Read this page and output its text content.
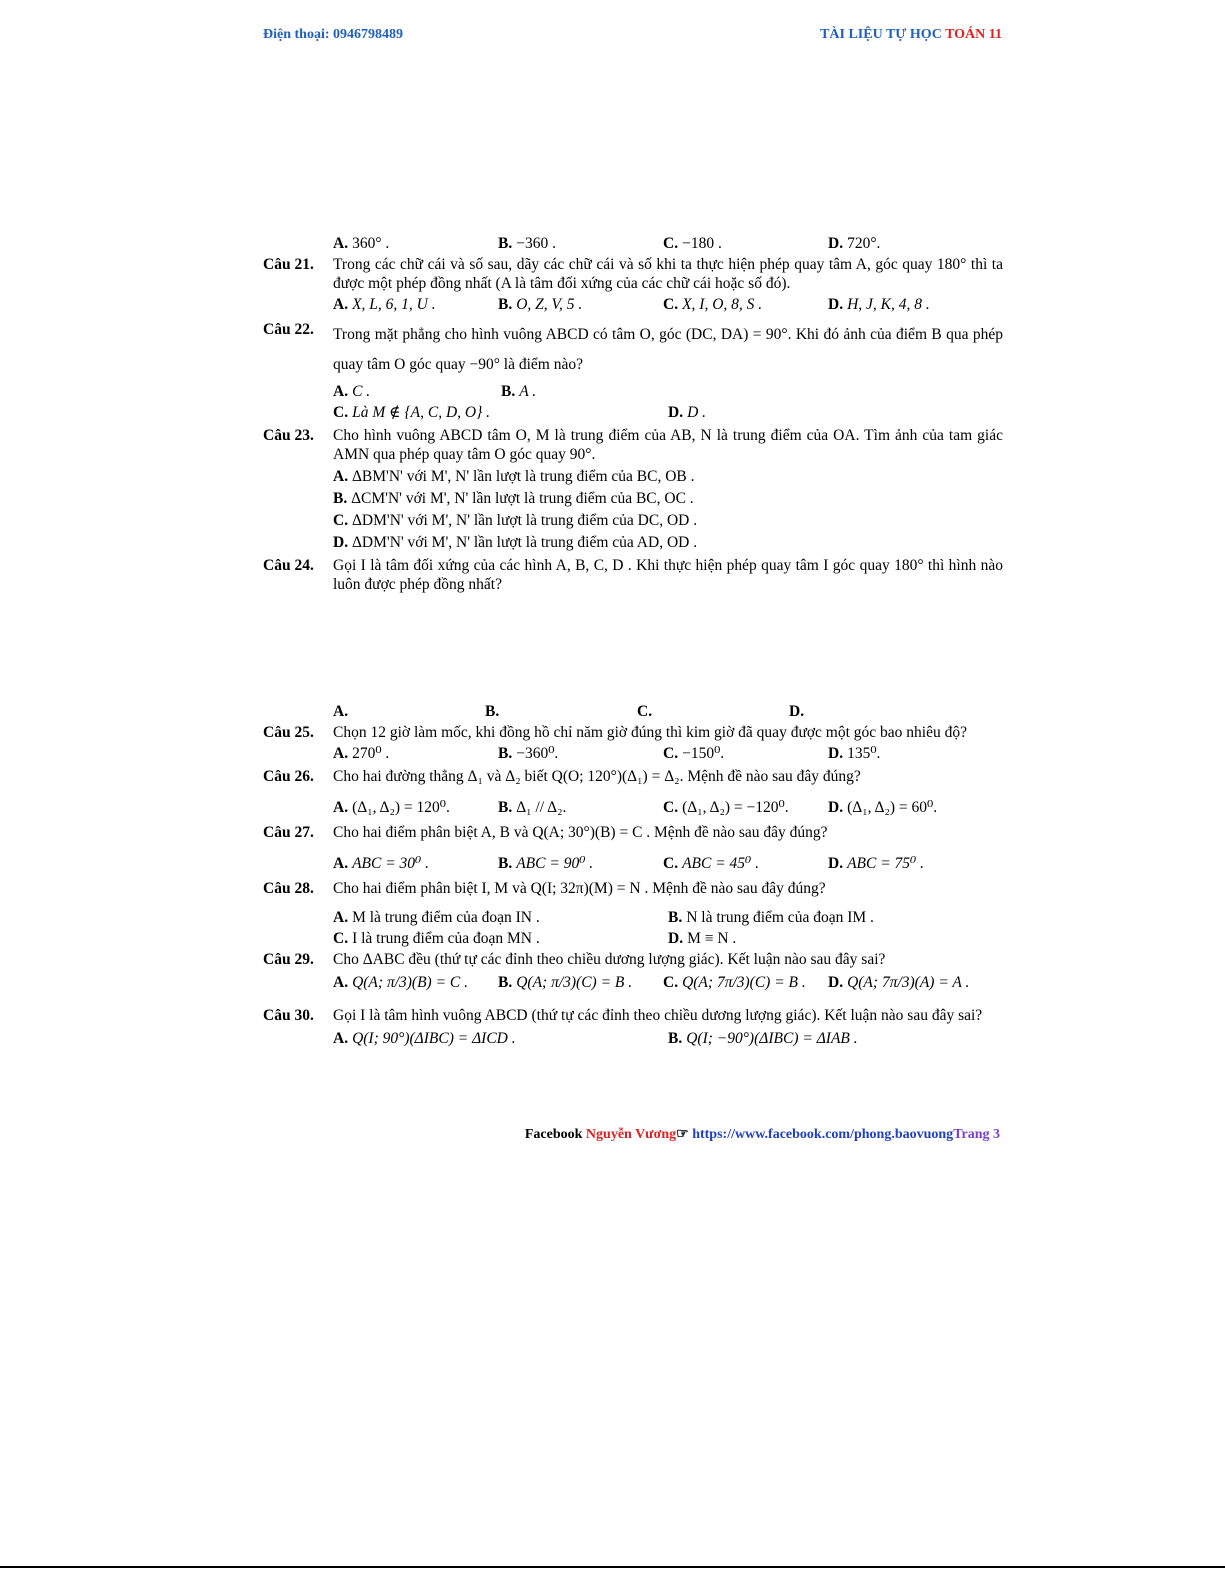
Điện thoại: 0946798489	TÀI LIỆU TỰ HỌC TOÁN 11
A. 360° .	B. −360 .	C. −180 .	D. 720°.
Câu 21. Trong các chữ cái và số sau, dãy các chữ cái và số khi ta thực hiện phép quay tâm A, góc quay 180° thì ta được một phép đồng nhất (A là tâm đối xứng của các chữ cái hoặc số đó).
A. X, L, 6, 1, U .	B. O, Z, V, 5 .	C. X, I, O, 8, S .	D. H, J, K, 4, 8 .
Câu 22. Trong mặt phẳng cho hình vuông ABCD có tâm O, góc (DC, DA) = 90°. Khi đó ảnh của điểm B qua phép quay tâm O góc quay −90° là điểm nào?
A. C .	B. A .
C. Là M ∉ {A, C, D, O} .	D. D .
Câu 23. Cho hình vuông ABCD tâm O, M là trung điểm của AB, N là trung điểm của OA. Tìm ảnh của tam giác AMN qua phép quay tâm O góc quay 90°.
A. ΔBM'N' với M', N' lần lượt là trung điểm của BC, OB .
B. ΔCM'N' với M', N' lần lượt là trung điểm của BC, OC .
C. ΔDM'N' với M', N' lần lượt là trung điểm của DC, OD .
D. ΔDM'N' với M', N' lần lượt là trung điểm của AD, OD .
Câu 24. Gọi I là tâm đối xứng của các hình A, B, C, D . Khi thực hiện phép quay tâm I góc quay 180° thì hình nào luôn được phép đồng nhất?
A.	B.	C.	D.
Câu 25. Chọn 12 giờ làm mốc, khi đồng hồ chỉ năm giờ đúng thì kim giờ đã quay được một góc bao nhiêu độ?
A. 270⁰ .	B. −360⁰.	C. −150⁰.	D. 135⁰.
Câu 26. Cho hai đường thẳng Δ₁ và Δ₂ biết Q(O; 120°)(Δ₁) = Δ₂. Mệnh đề nào sau đây đúng?
A. (Δ₁, Δ₂) = 120⁰.	B. Δ₁ // Δ₂.	C. (Δ₁, Δ₂) = −120⁰.	D. (Δ₁, Δ₂) = 60⁰.
Câu 27. Cho hai điểm phân biệt A, B và Q(A; 30°)(B) = C . Mệnh đề nào sau đây đúng?
A. ABC = 30⁰ .	B. ABC = 90⁰ .	C. ABC = 45⁰ .	D. ABC = 75⁰ .
Câu 28. Cho hai điểm phân biệt I, M và Q(I; 32π)(M) = N . Mệnh đề nào sau đây đúng?
A. M là trung điểm của đoạn IN .	B. N là trung điểm của đoạn IM .
C. I là trung điểm của đoạn MN .	D. M ≡ N .
Câu 29. Cho ΔABC đều (thứ tự các đỉnh theo chiều dương lượng giác). Kết luận nào sau đây sai?
A. Q(A; π/3)(B) = C .	B. Q(A; π/3)(C) = B .	C. Q(A; 7π/3)(C) = B .	D. Q(A; 7π/3)(A) = A .
Câu 30. Gọi I là tâm hình vuông ABCD (thứ tự các đỉnh theo chiều dương lượng giác). Kết luận nào sau đây sai?
A. Q(I; 90°)(ΔIBC) = ΔICD .	B. Q(I; −90°)(ΔIBC) = ΔIAB .
Facebook Nguyễn Vương☞ https://www.facebook.com/phong.baovuongTrang 3
